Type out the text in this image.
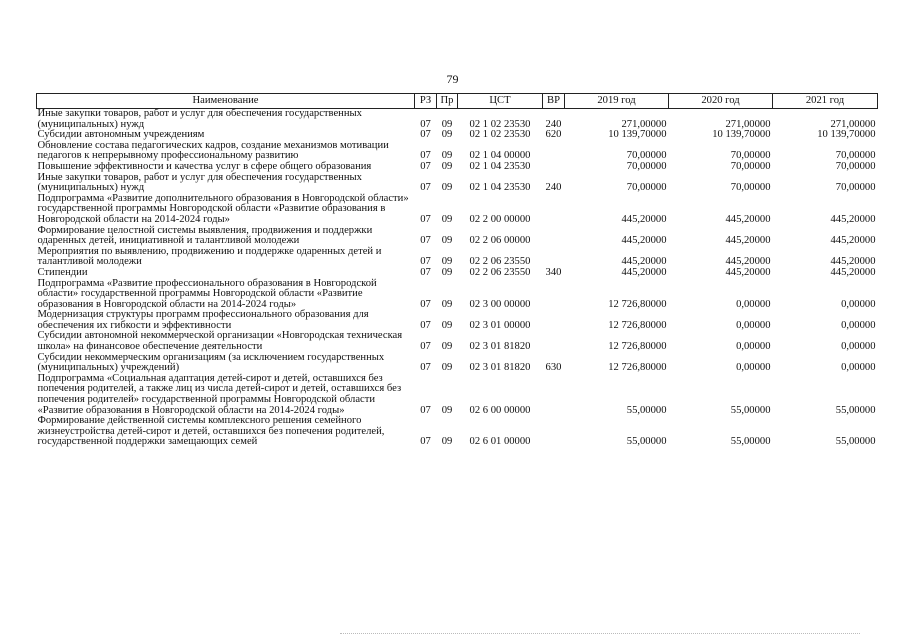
79
Наименование	РЗ	Пр	ЦСТ	ВР	2019 год	2020 год	2021 год
Иные закупки товаров, работ и услуг для обеспечения государственных (муниципальных) нужд	07	09	02 1 02 23530	240	271,00000	271,00000	271,00000
Субсидии автономным учреждениям	07	09	02 1 02 23530	620	10 139,70000	10 139,70000	10 139,70000
Обновление состава педагогических кадров, создание механизмов мотивации педагогов к непрерывному профессиональному развитию	07	09	02 1 04 00000		70,00000	70,00000	70,00000
Повышение эффективности и качества услуг в сфере общего образования	07	09	02 1 04 23530		70,00000	70,00000	70,00000
Иные закупки товаров, работ и услуг для обеспечения государственных (муниципальных) нужд	07	09	02 1 04 23530	240	70,00000	70,00000	70,00000
Подпрограмма «Развитие дополнительного образования в Новгородской области» государственной программы Новгородской области «Развитие образования в Новгородской области на 2014-2024 годы»	07	09	02 2 00 00000		445,20000	445,20000	445,20000
Формирование целостной системы выявления, продвижения и поддержки одаренных детей, инициативной и талантливой молодежи	07	09	02 2 06 00000		445,20000	445,20000	445,20000
Мероприятия по выявлению, продвижению и поддержке одаренных детей и талантливой молодежи	07	09	02 2 06 23550		445,20000	445,20000	445,20000
Стипендии	07	09	02 2 06 23550	340	445,20000	445,20000	445,20000
Подпрограмма «Развитие профессионального образования в Новгородской области» государственной программы Новгородской области «Развитие образования в Новгородской области на 2014-2024 годы»	07	09	02 3 00 00000		12 726,80000	0,00000	0,00000
Модернизация структуры программ профессионального образования для обеспечения их гибкости и эффективности	07	09	02 3 01 00000		12 726,80000	0,00000	0,00000
Субсидии автономной некоммерческой организации «Новгородская техническая школа» на финансовое обеспечение деятельности	07	09	02 3 01 81820		12 726,80000	0,00000	0,00000
Субсидии некоммерческим организациям (за исключением государственных (муниципальных) учреждений)	07	09	02 3 01 81820	630	12 726,80000	0,00000	0,00000
Подпрограмма «Социальная адаптация детей-сирот и детей, оставшихся без попечения родителей, а также лиц из числа детей-сирот и детей, оставшихся без попечения родителей» государственной программы Новгородской области «Развитие образования в Новгородской области на 2014-2024 годы»	07	09	02 6 00 00000		55,00000	55,00000	55,00000
Формирование действенной системы комплексного решения семейного жизнеустройства детей-сирот и детей, оставшихся без попечения родителей, государственной поддержки замещающих семей	07	09	02 6 01 00000		55,00000	55,00000	55,00000
